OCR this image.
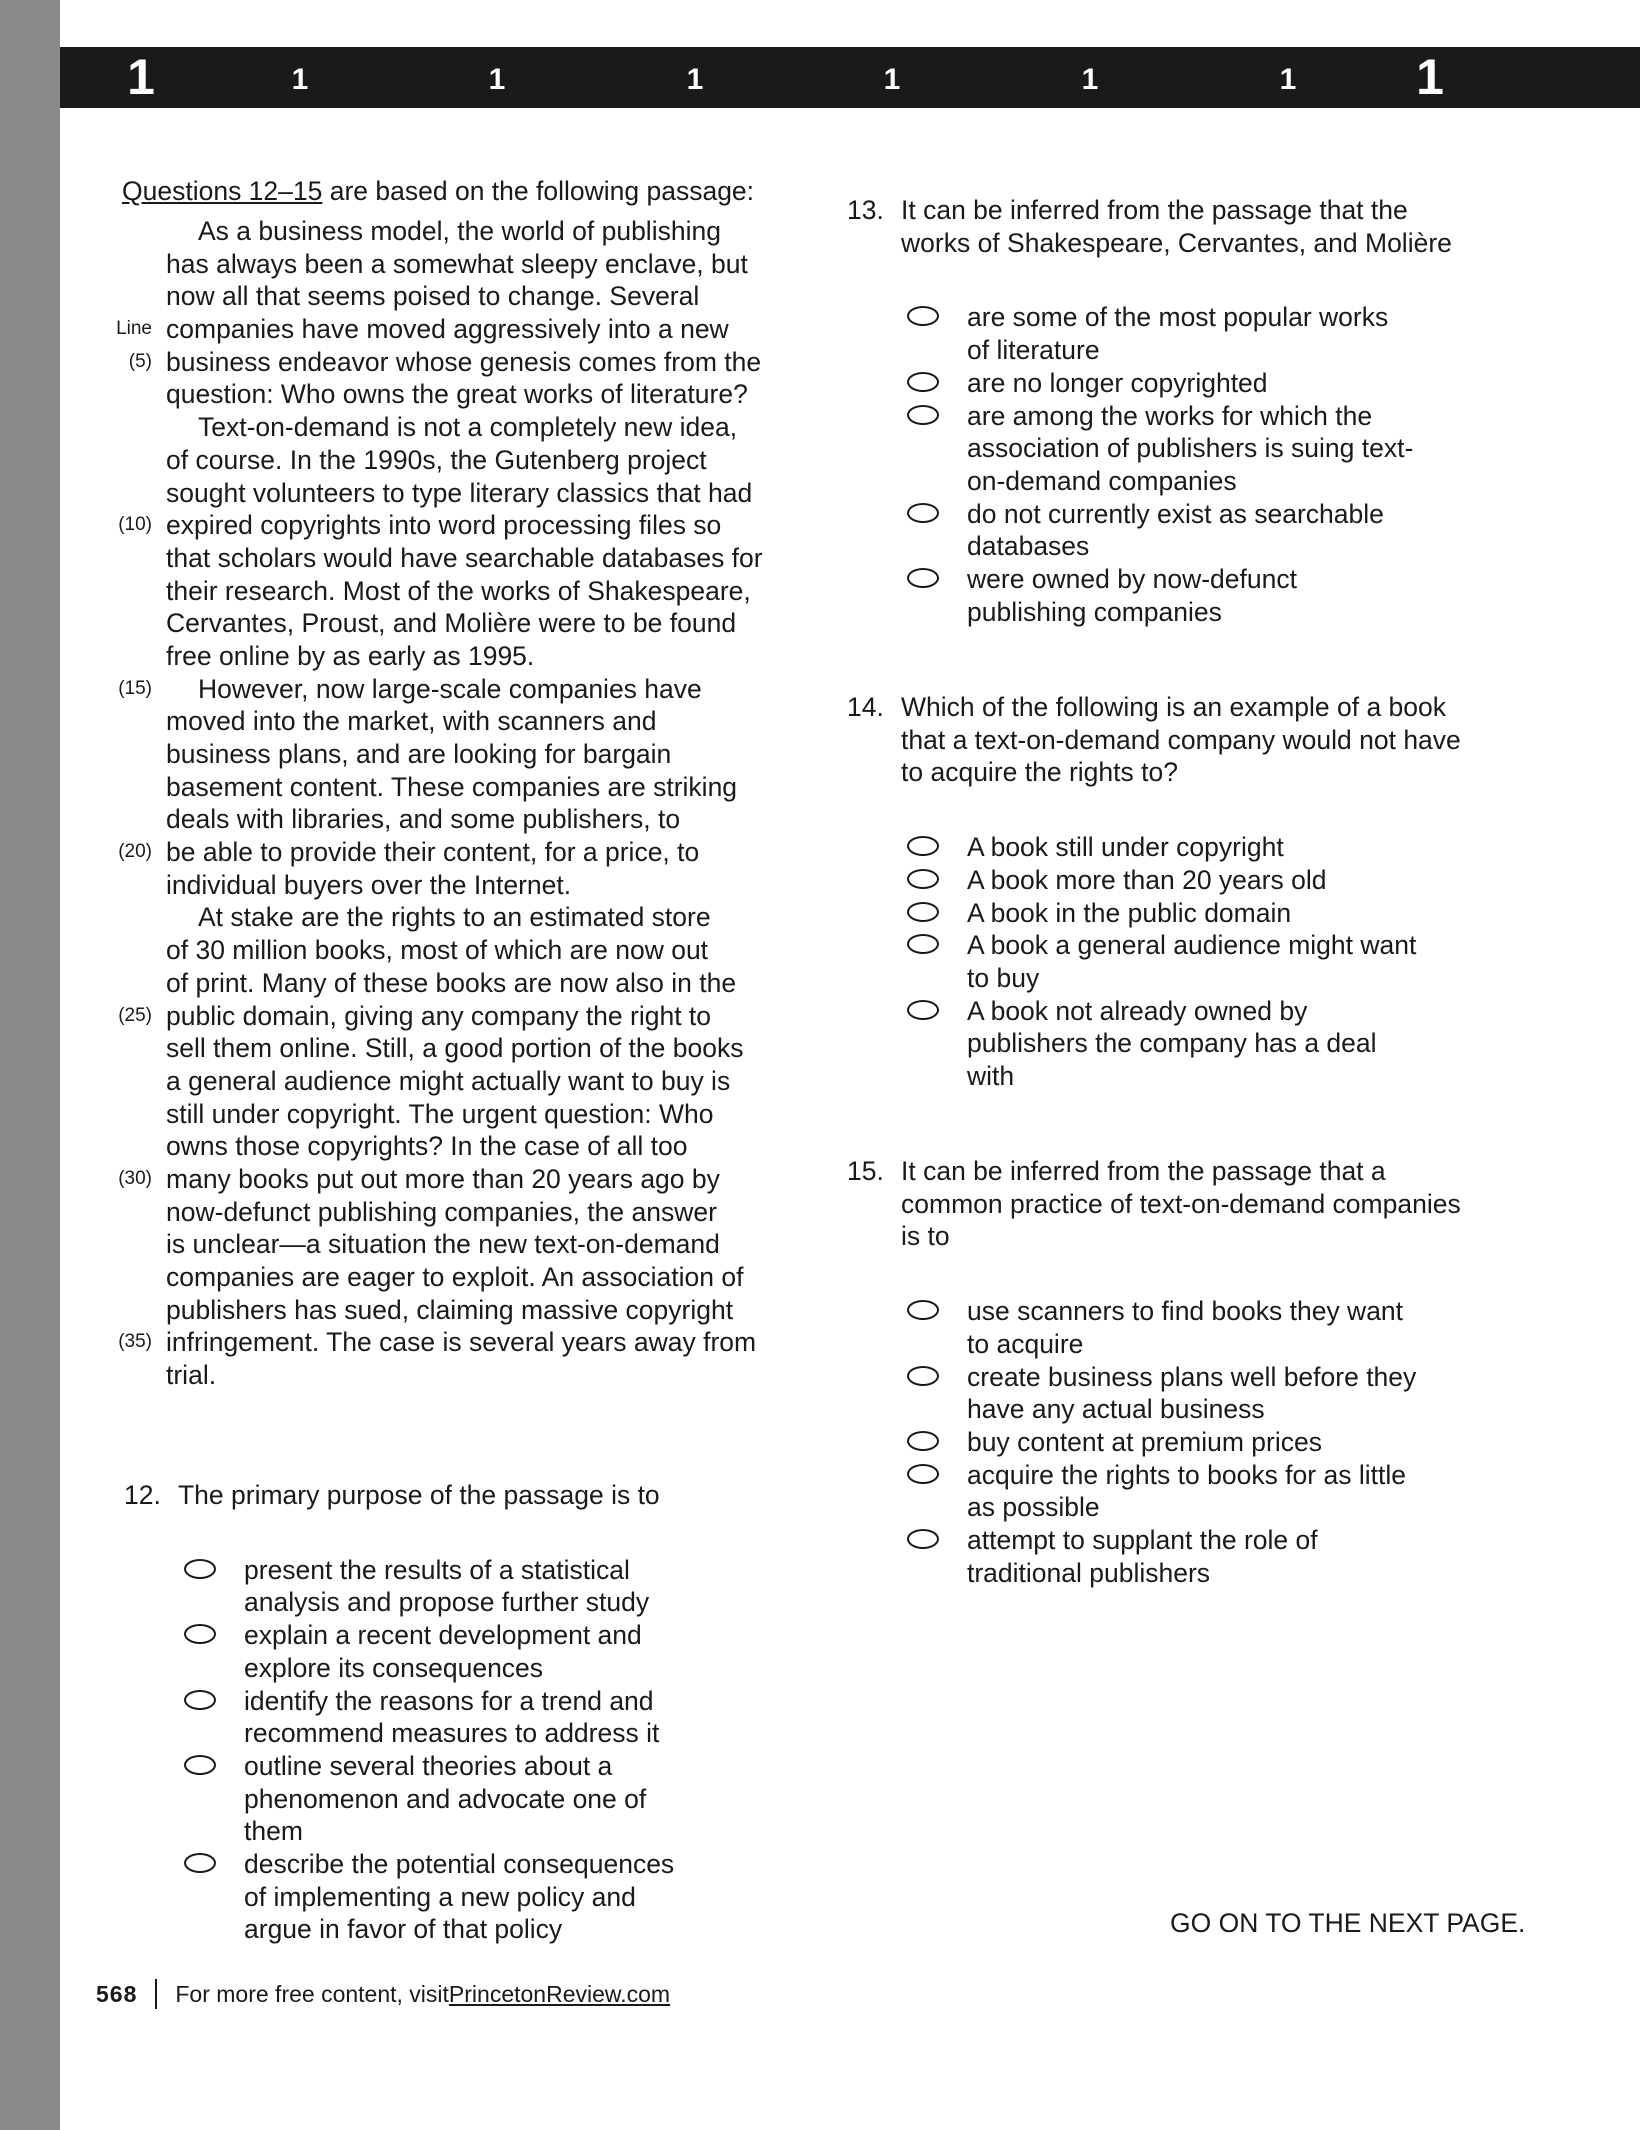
1	1	1	1	1	1	1 1
Questions 12–15 are based on the following passage:
As a business model, the world of publishing
has always been a somewhat sleepy enclave, but
now all that seems poised to change. Several
Line companies have moved aggressively into a new
(5) business endeavor whose genesis comes from the
question: Who owns the great works of literature?
Text-on-demand is not a completely new idea,
of course. In the 1990s, the Gutenberg project
sought volunteers to type literary classics that had
(10) expired copyrights into word processing files so
that scholars would have searchable databases for
their research. Most of the works of Shakespeare,
Cervantes, Proust, and Molière were to be found
free online by as early as 1995.
(15) However, now large-scale companies have
moved into the market, with scanners and
business plans, and are looking for bargain
basement content. These companies are striking
deals with libraries, and some publishers, to
(20) be able to provide their content, for a price, to
individual buyers over the Internet.
At stake are the rights to an estimated store
of 30 million books, most of which are now out
of print. Many of these books are now also in the
(25) public domain, giving any company the right to
sell them online. Still, a good portion of the books
a general audience might actually want to buy is
still under copyright. The urgent question: Who
owns those copyrights? In the case of all too
(30) many books put out more than 20 years ago by
now-defunct publishing companies, the answer
is unclear—a situation the new text-on-demand
companies are eager to exploit. An association of
publishers has sued, claiming massive copyright
(35) infringement. The case is several years away from
trial.
12. The primary purpose of the passage is to
present the results of a statistical
analysis and propose further study
explain a recent development and
explore its consequences
identify the reasons for a trend and
recommend measures to address it
outline several theories about a
phenomenon and advocate one of
them
describe the potential consequences
of implementing a new policy and
argue in favor of that policy
13. It can be inferred from the passage that the
works of Shakespeare, Cervantes, and Molière
are some of the most popular works
of literature
are no longer copyrighted
are among the works for which the
association of publishers is suing text-
on-demand companies
do not currently exist as searchable
databases
were owned by now-defunct
publishing companies
14. Which of the following is an example of a book
that a text-on-demand company would not have
to acquire the rights to?
A book still under copyright
A book more than 20 years old
A book in the public domain
A book a general audience might want
to buy
A book not already owned by
publishers the company has a deal
with
15. It can be inferred from the passage that a
common practice of text-on-demand companies
is to
use scanners to find books they want
to acquire
create business plans well before they
have any actual business
buy content at premium prices
acquire the rights to books for as little
as possible
attempt to supplant the role of
traditional publishers
GO ON TO THE NEXT PAGE.
568 For more free content, visit PrincetonReview.com
